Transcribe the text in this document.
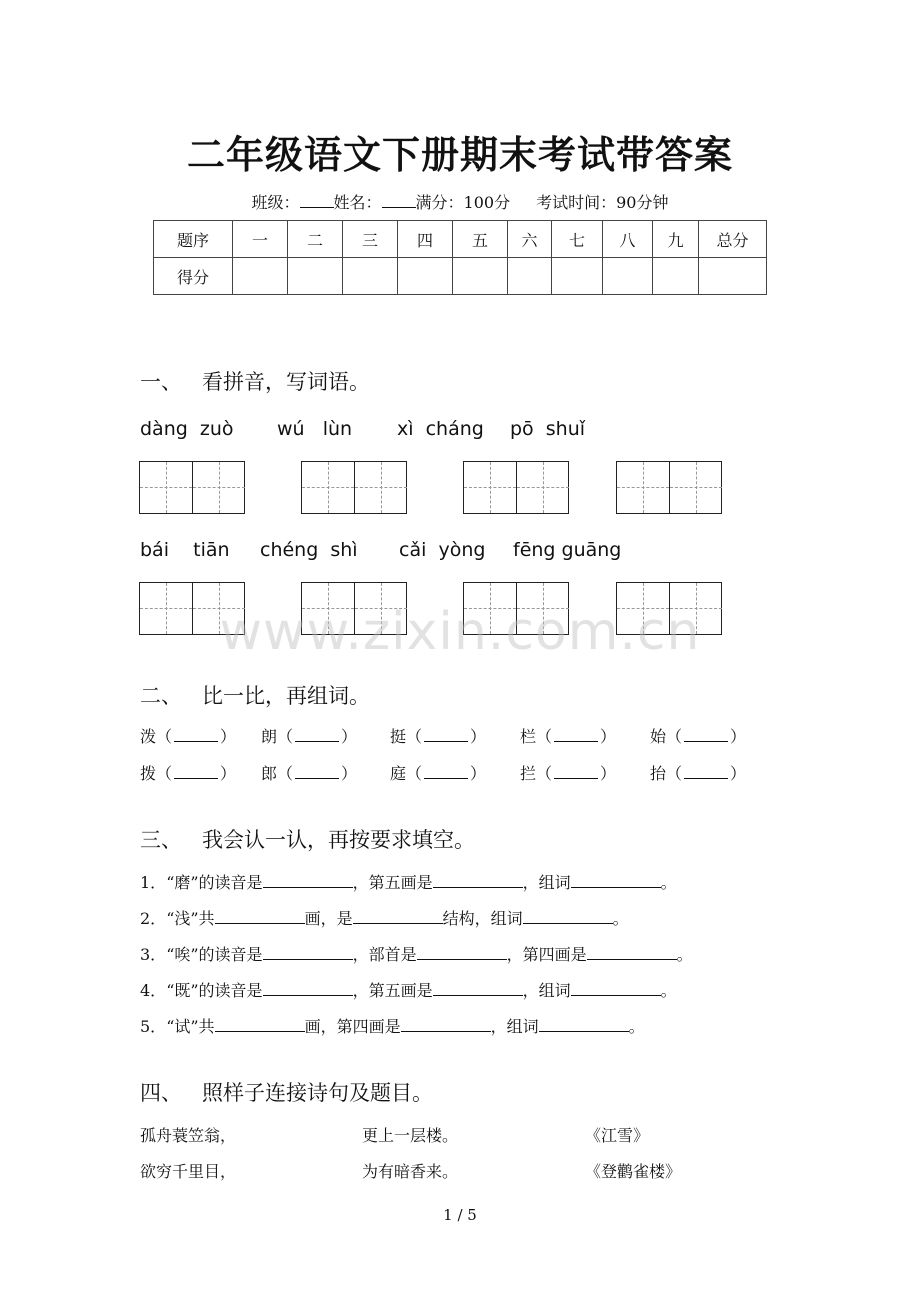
二年级语文下册期末考试带答案
班级： 姓名： 满分：100分 考试时间：90分钟
题序	一	二	三	四	五	六	七	八	九	总分
得分										
一、 看拼音，写词语。
dàng  zuò wú   lùn xì  cháng pō  shuǐ
bái    tiān chéng  shì cǎi  yòng fēng guāng
www.zixin.com.cn
二、 比一比，再组词。
泼（	） 朗（	） 挺（	） 栏（	） 始（	）
拨（	） 郎（	） 庭（	） 拦（	） 抬（	）
三、 我会认一认，再按要求填空。
1．“磨”的读音是	，第五画是	，组词	。
2．“浅”共	画，是	结构，组词	。
3．“唉”的读音是	，部首是	，第四画是	。
4．“既”的读音是	，第五画是	，组词	。
5．“试”共	画，第四画是	，组词	。
四、 照样子连接诗句及题目。
孤舟蓑笠翁，	更上一层楼。	《江雪》
欲穷千里目，	为有暗香来。	《登鹳雀楼》
1 / 5
